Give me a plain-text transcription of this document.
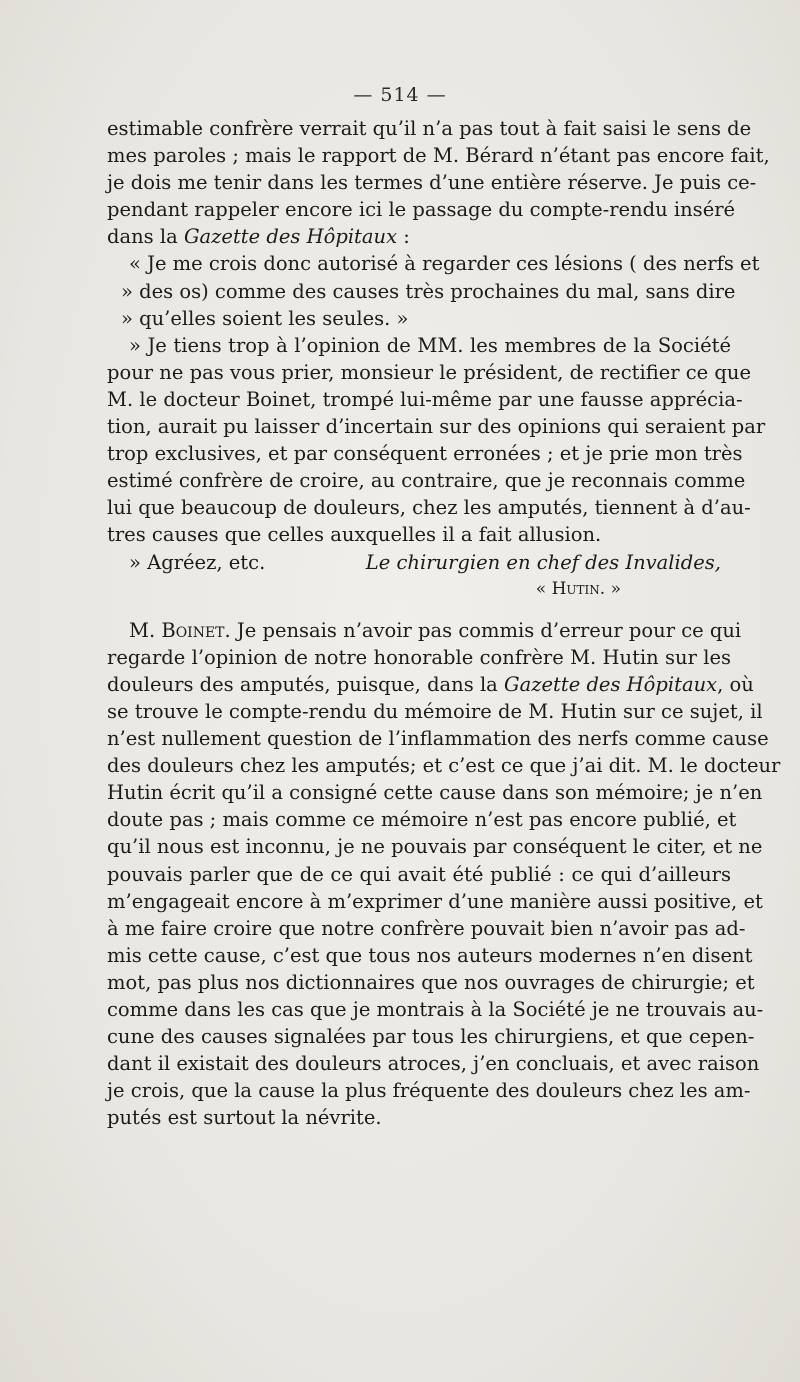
— 514 —
estimable confrère verrait qu’il n’a pas tout à fait saisi le sens de
mes paroles ; mais le rapport de M. Bérard n’étant pas encore fait,
je dois me tenir dans les termes d’une entière réserve. Je puis ce-
pendant rappeler encore ici le passage du compte-rendu inséré
dans la Gazette des Hôpitaux :
« Je me crois donc autorisé à regarder ces lésions ( des nerfs et
» des os) comme des causes très prochaines du mal, sans dire
» qu’elles soient les seules. »
» Je tiens trop à l’opinion de MM. les membres de la Société
pour ne pas vous prier, monsieur le président, de rectifier ce que
M. le docteur Boinet, trompé lui-même par une fausse apprécia-
tion, aurait pu laisser d’incertain sur des opinions qui seraient par
trop exclusives, et par conséquent erronées ; et je prie mon très
estimé confrère de croire, au contraire, que je reconnais comme
lui que beaucoup de douleurs, chez les amputés, tiennent à d’au-
tres causes que celles auxquelles il a fait allusion.
» Agréez, etc.	Le chirurgien en chef des Invalides,
« Hutin. »
M. Boinet. Je pensais n’avoir pas commis d’erreur pour ce qui
regarde l’opinion de notre honorable confrère M. Hutin sur les
douleurs des amputés, puisque, dans la Gazette des Hôpitaux, où
se trouve le compte-rendu du mémoire de M. Hutin sur ce sujet, il
n’est nullement question de l’inflammation des nerfs comme cause
des douleurs chez les amputés; et c’est ce que j’ai dit. M. le docteur
Hutin écrit qu’il a consigné cette cause dans son mémoire; je n’en
doute pas ; mais comme ce mémoire n’est pas encore publié, et
qu’il nous est inconnu, je ne pouvais par conséquent le citer, et ne
pouvais parler que de ce qui avait été publié : ce qui d’ailleurs
m’engageait encore à m’exprimer d’une manière aussi positive, et
à me faire croire que notre confrère pouvait bien n’avoir pas ad-
mis cette cause, c’est que tous nos auteurs modernes n’en disent
mot, pas plus nos dictionnaires que nos ouvrages de chirurgie; et
comme dans les cas que je montrais à la Société je ne trouvais au-
cune des causes signalées par tous les chirurgiens, et que cepen-
dant il existait des douleurs atroces, j’en concluais, et avec raison
je crois, que la cause la plus fréquente des douleurs chez les am-
putés est surtout la névrite.
